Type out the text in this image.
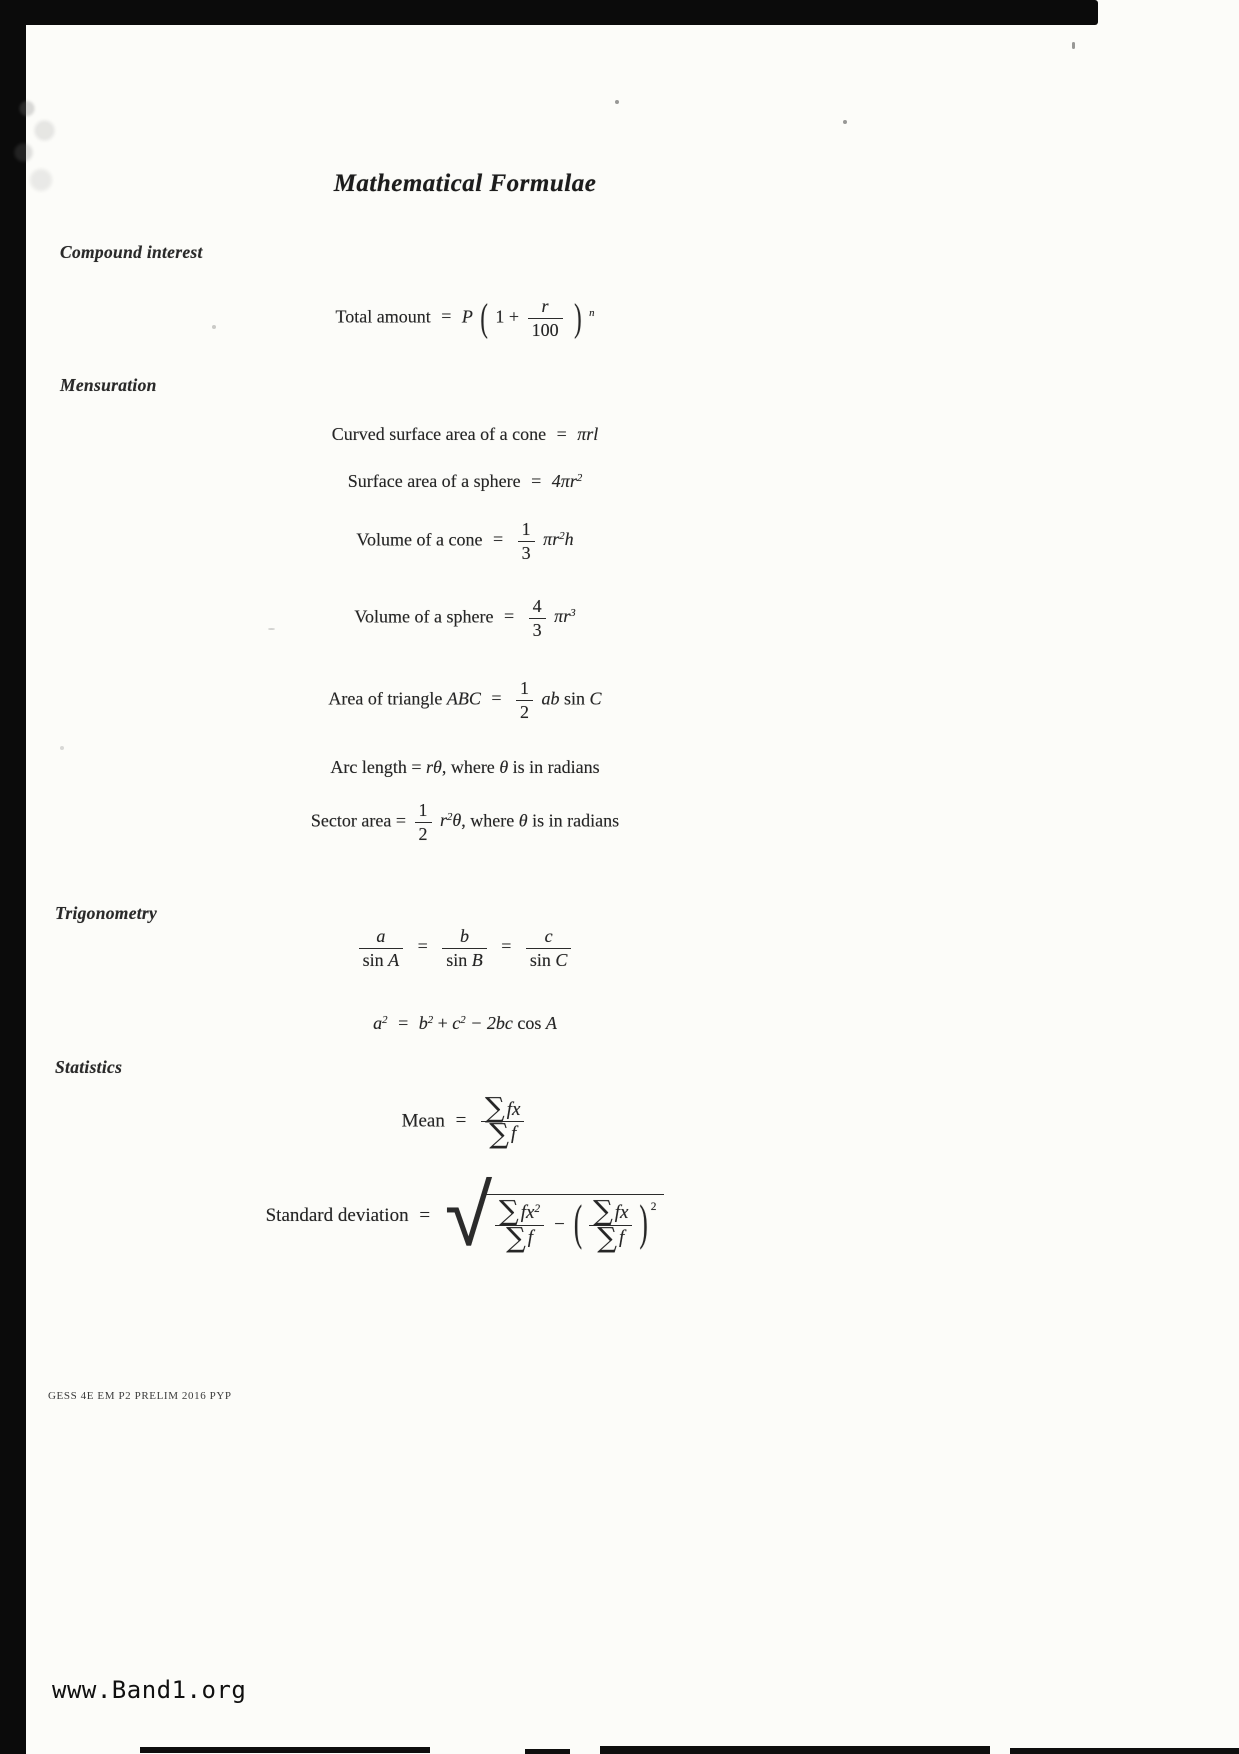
Mathematical Formulae
Compound interest
Mensuration
Trigonometry
Statistics
Total amount = P ( $1 + \frac{r}{100}$ ) $^n$
Curved surface area of a cone = πrl
Surface area of a sphere = $4\pi r^2$
Volume of a cone = $\frac{1}{3} \pi r^2h$
Volume of a sphere = $\frac{4}{3} \pi r^3$
Area of triangle ABC = $\frac{1}{2}$ ab sin C
Arc length = rθ, where θ is in radians
Sector area = $\frac{1}{2} r^2\theta$, where θ is in radians
a
sin
A = b
sin
B = c
sin
C
$a^2 = b^2 + c^2 - 2bc$ cos A
Mean = $\frac{\sum fx}{\sum f}$
Standard deviation = √ $\frac{\sum fx^2}{\sum f}$ − ( $\frac{\sum fx}{\sum f}$ ) 2
GESS 4E EM P2 PRELIM 2016 PYP
www.Band1.org
